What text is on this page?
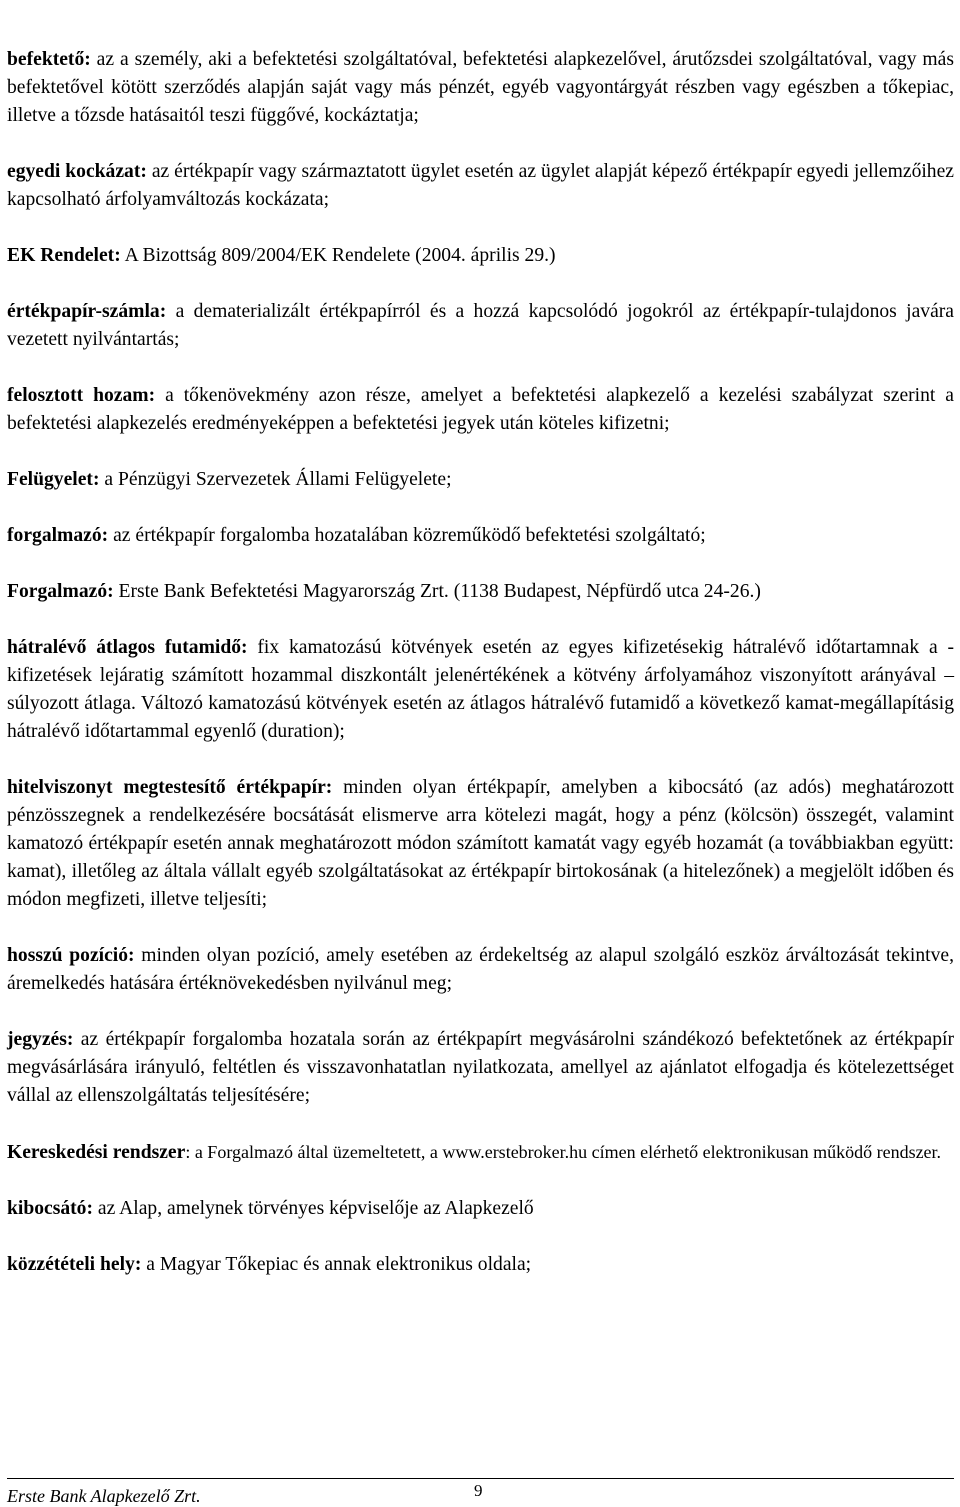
befektető: az a személy, aki a befektetési szolgáltatóval, befektetési alapkezelővel, árutőzsdei szolgáltatóval, vagy más befektetővel kötött szerződés alapján saját vagy más pénzét, egyéb vagyontárgyát részben vagy egészben a tőkepiac, illetve a tőzsde hatásaitól teszi függővé, kockáztatja;

egyedi kockázat: az értékpapír vagy származtatott ügylet esetén az ügylet alapját képező értékpapír egyedi jellemzőihez kapcsolható árfolyamváltozás kockázata;

EK Rendelet: A Bizottság 809/2004/EK Rendelete (2004. április 29.)

értékpapír-számla: a dematerializált értékpapírról és a hozzá kapcsolódó jogokról az értékpapír-tulajdonos javára vezetett nyilvántartás;

felosztott hozam: a tőkenövekmény azon része, amelyet a befektetési alapkezelő a kezelési szabályzat szerint a befektetési alapkezelés eredményeképpen a befektetési jegyek után köteles kifizetni;

Felügyelet: a Pénzügyi Szervezetek Állami Felügyelete;

forgalmazó: az értékpapír forgalomba hozatalában közreműködő befektetési szolgáltató;

Forgalmazó: Erste Bank Befektetési Magyarország Zrt. (1138 Budapest, Népfürdő utca 24-26.)

hátralévő átlagos futamidő: fix kamatozású kötvények esetén az egyes kifizetésekig hátralévő időtartamnak a - kifizetések lejáratig számított hozammal diszkontált jelenértékének a kötvény árfolyamához viszonyított arányával – súlyozott átlaga. Változó kamatozású kötvények esetén az átlagos hátralévő futamidő a következő kamat-megállapításig hátralévő időtartammal egyenlő (duration);

hitelviszonyt megtestesítő értékpapír: minden olyan értékpapír, amelyben a kibocsátó (az adós) meghatározott pénzösszegnek a rendelkezésére bocsátását elismerve arra kötelezi magát, hogy a pénz (kölcsön) összegét, valamint kamatozó értékpapír esetén annak meghatározott módon számított kamatát vagy egyéb hozamát (a továbbiakban együtt: kamat), illetőleg az általa vállalt egyéb szolgáltatásokat az értékpapír birtokosának (a hitelezőnek) a megjelölt időben és módon megfizeti, illetve teljesíti;

hosszú pozíció: minden olyan pozíció, amely esetében az érdekeltség az alapul szolgáló eszköz árváltozását tekintve, áremelkedés hatására értéknövekedésben nyilvánul meg;

jegyzés: az értékpapír forgalomba hozatala során az értékpapírt megvásárolni szándékozó befektetőnek az értékpapír megvásárlására irányuló, feltétlen és visszavonhatatlan nyilatkozata, amellyel az ajánlatot elfogadja és kötelezettséget vállal az ellenszolgáltatás teljesítésére;

Kereskedési rendszer: a Forgalmazó által üzemeltetett, a www.erstebroker.hu címen elérhető elektronikusan működő rendszer.

kibocsátó: az Alap, amelynek törvényes képviselője az Alapkezelő

közzétételi hely: a Magyar Tőkepiac és annak elektronikus oldala;

Erste Bank Alapkezelő Zrt.	9
